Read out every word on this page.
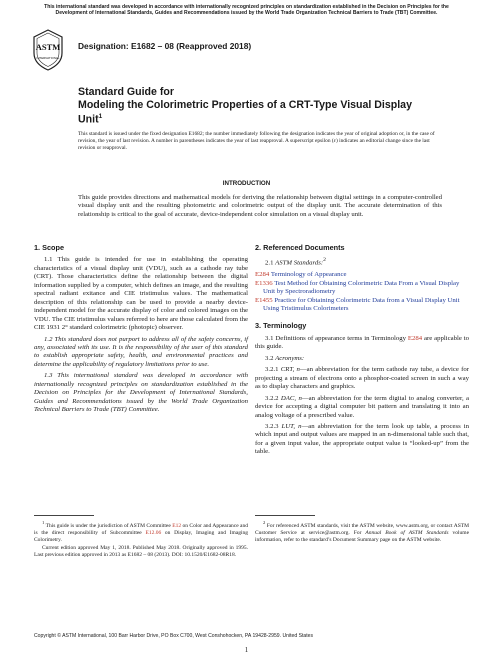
This international standard was developed in accordance with internationally recognized principles on standardization established in the Decision on Principles for the Development of International Standards, Guides and Recommendations issued by the World Trade Organization Technical Barriers to Trade (TBT) Committee.
ASTM
INTERNATIONAL
Designation: E1682 – 08 (Reapproved 2018)
Standard Guide for
Modeling the Colorimetric Properties of a CRT-Type Visual Display Unit$^1$
This standard is issued under the fixed designation E1682; the number immediately following the designation indicates the year of original adoption or, in the case of revision, the year of last revision. A number in parentheses indicates the year of last reapproval. A superscript epsilon (ε) indicates an editorial change since the last revision or reapproval.
INTRODUCTION
This guide provides directions and mathematical models for deriving the relationship between digital settings in a computer-controlled visual display unit and the resulting photometric and colorimetric output of the display unit. The accurate determination of this relationship is critical to the goal of accurate, device-independent color simulation on a visual display unit.
1. Scope

1.1 This guide is intended for use in establishing the operating characteristics of a visual display unit (VDU), such as a cathode ray tube (CRT). Those characteristics define the relationship between the digital information supplied by a computer, which defines an image, and the resulting spectral radiant exitance and CIE tristimulus values. The mathematical description of this relationship can be used to provide a nearby device-independent model for the accurate display of color and colored images on the VDU. The CIE tristimulus values referred to here are those calculated from the CIE 1931 2° standard colorimetric (photopic) observer.

1.2 This standard does not purport to address all of the safety concerns, if any, associated with its use. It is the responsibility of the user of this standard to establish appropriate safety, health, and environmental practices and determine the applicability of regulatory limitations prior to use.

1.3 This international standard was developed in accordance with internationally recognized principles on standardization established in the Decision on Principles for the Development of International Standards, Guides and Recommendations issued by the World Trade Organization Technical Barriers to Trade (TBT) Committee.

2. Referenced Documents

2.1 ASTM Standards:$^2$

E284 Terminology of Appearance

E1336 Test Method for Obtaining Colorimetric Data From a Visual Display Unit by Spectroradiometry

E1455 Practice for Obtaining Colorimetric Data from a Visual Display Unit Using Tristimulus Colorimeters

3. Terminology

3.1 Definitions of appearance terms in Terminology E284 are applicable to this guide.

3.2 Acronyms:

3.2.1 CRT, n—an abbreviation for the term cathode ray tube, a device for projecting a stream of electrons onto a phosphor-coated screen in such a way as to display characters and graphics.

3.2.2 DAC, n—an abbreviation for the term digital to analog converter, a device for accepting a digital computer bit pattern and translating it into an analog voltage of a prescribed value.

3.2.3 LUT, n—an abbreviation for the term look up table, a process in which input and output values are mapped in an n-dimensional table such that, for a given input value, the appropriate output value is “looked-up” from the table.

$^1$ This guide is under the jurisdiction of ASTM Committee E12 on Color and Appearance and is the direct responsibility of Subcommittee E12.06 on Display, Imaging and Imaging Colorimetry.

Current edition approved May 1, 2018. Published May 2018. Originally approved in 1995. Last previous edition approved in 2013 as E1682 – 08 (2013). DOI: 10.1520/E1682-08R18.

$^2$ For referenced ASTM standards, visit the ASTM website, www.astm.org, or contact ASTM Customer Service at service@astm.org. For Annual Book of ASTM Standards volume information, refer to the standard’s Document Summary page on the ASTM website.

Copyright © ASTM International, 100 Barr Harbor Drive, PO Box C700, West Conshohocken, PA 19428-2959. United States
1
